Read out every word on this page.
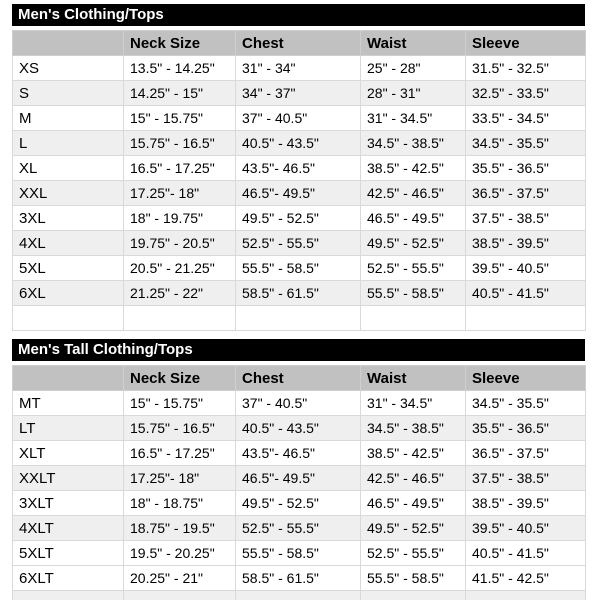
Men's Clothing/Tops
	Neck Size	Chest	Waist	Sleeve
XS	13.5" - 14.25"	31" - 34"	25" - 28"	31.5" - 32.5"
S	14.25" - 15"	34" - 37"	28" - 31"	32.5" - 33.5"
M	15" - 15.75"	37" - 40.5"	31" - 34.5"	33.5" - 34.5"
L	15.75" - 16.5"	40.5" - 43.5"	34.5" - 38.5"	34.5" - 35.5"
XL	16.5" - 17.25"	43.5"- 46.5"	38.5" - 42.5"	35.5" - 36.5"
XXL	17.25"- 18"	46.5"- 49.5"	42.5" - 46.5"	36.5" - 37.5"
3XL	18" - 19.75"	49.5" - 52.5"	46.5" - 49.5"	37.5" - 38.5"
4XL	19.75" - 20.5"	52.5" - 55.5"	49.5" - 52.5"	38.5" - 39.5"
5XL	20.5" - 21.25"	55.5" - 58.5"	52.5" - 55.5"	39.5" - 40.5"
6XL	21.25" - 22"	58.5" - 61.5"	55.5" - 58.5"	40.5" - 41.5"

Men's Tall Clothing/Tops
	Neck Size	Chest	Waist	Sleeve
MT	15" - 15.75"	37" - 40.5"	31" - 34.5"	34.5" - 35.5"
LT	15.75" - 16.5"	40.5" - 43.5"	34.5" - 38.5"	35.5" - 36.5"
XLT	16.5" - 17.25"	43.5"- 46.5"	38.5" - 42.5"	36.5" - 37.5"
XXLT	17.25"- 18"	46.5"- 49.5"	42.5" - 46.5"	37.5" - 38.5"
3XLT	18" - 18.75"	49.5" - 52.5"	46.5" - 49.5"	38.5" - 39.5"
4XLT	18.75" - 19.5"	52.5" - 55.5"	49.5" - 52.5"	39.5" - 40.5"
5XLT	19.5" - 20.25"	55.5" - 58.5"	52.5" - 55.5"	40.5" - 41.5"
6XLT	20.25" - 21"	58.5" - 61.5"	55.5" - 58.5"	41.5" - 42.5"
